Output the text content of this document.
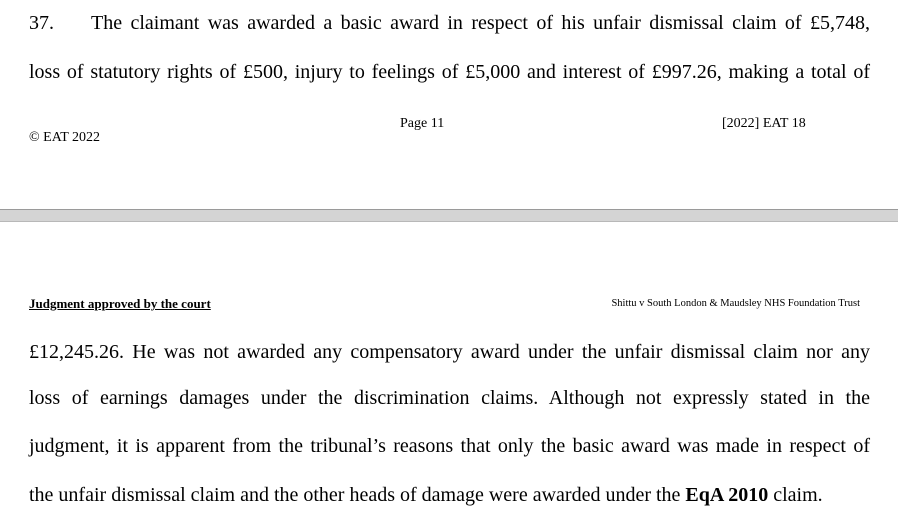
37. The claimant was awarded a basic award in respect of his unfair dismissal claim of £5,748,
loss of statutory rights of £500, injury to feelings of £5,000 and interest of £997.26, making a total of
© EAT 2022
Page 11	[2022] EAT 18
Judgment approved by the court	Shittu v South London & Maudsley NHS Foundation Trust
£12,245.26. He was not awarded any compensatory award under the unfair dismissal claim nor any
loss of earnings damages under the discrimination claims. Although not expressly stated in the
judgment, it is apparent from the tribunal’s reasons that only the basic award was made in respect of
the unfair dismissal claim and the other heads of damage were awarded under the EqA 2010 claim.
